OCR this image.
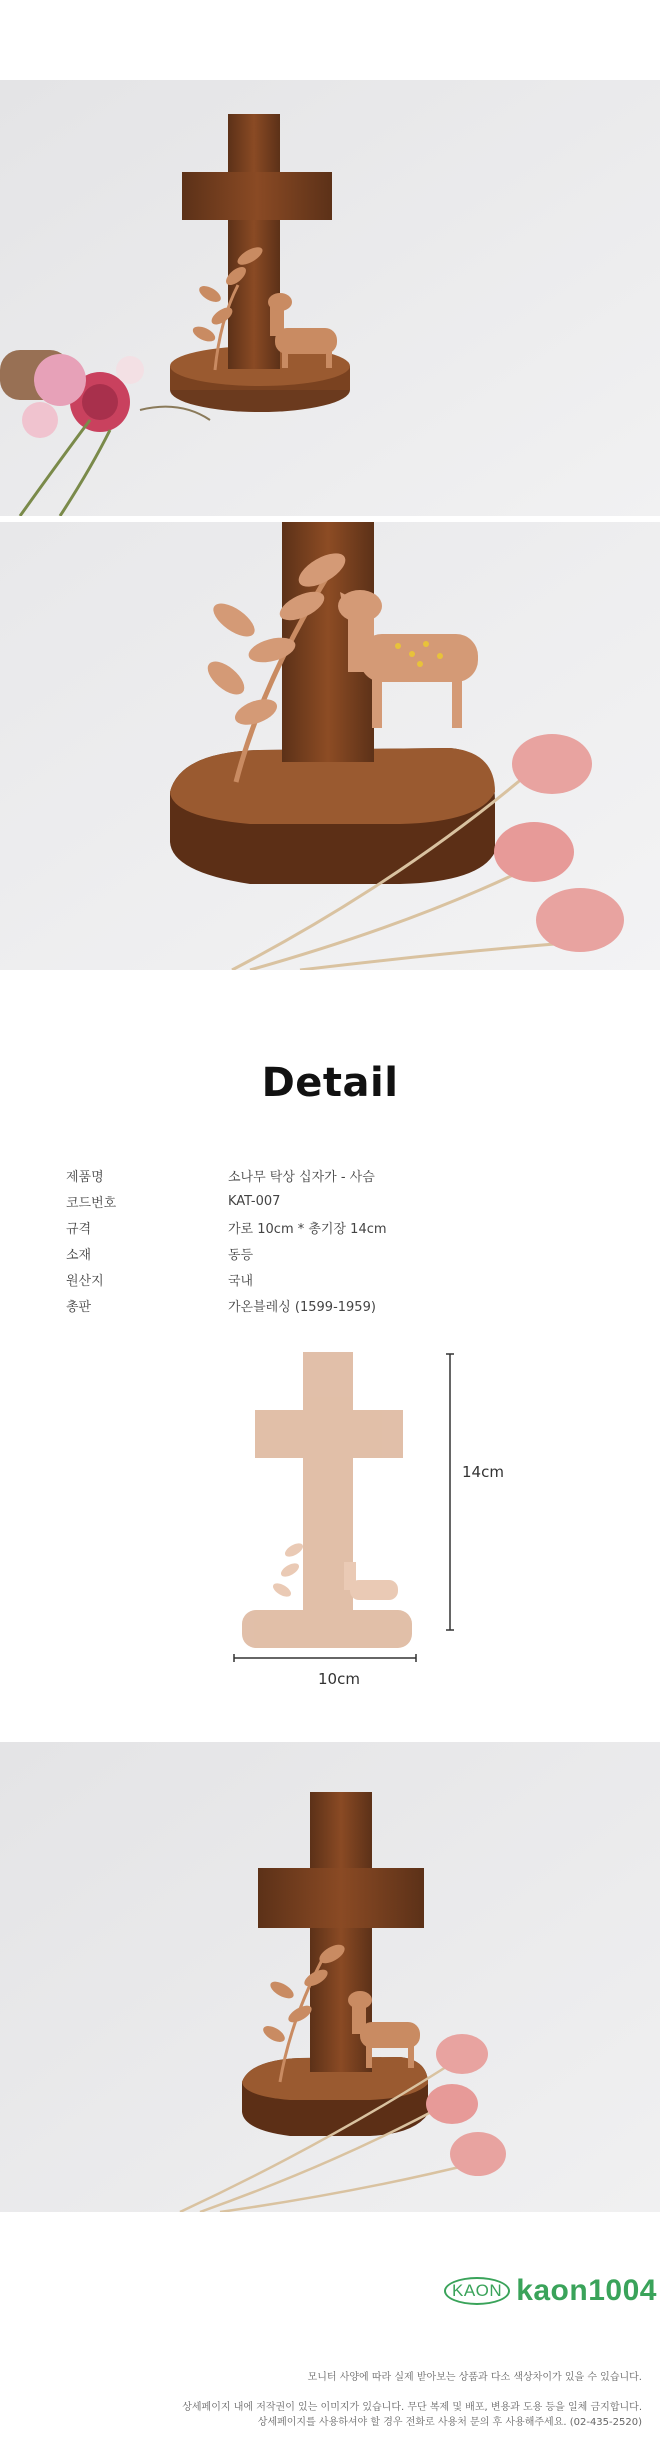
Detail
제품명	소나무 탁상 십자가 - 사슴
코드번호	KAT-007
규격	가로 10cm * 총기장 14cm
소재	동등
원산지	국내
총판	가온블레싱 (1599-1959)
14cm
10cm
KAON kaon1004
모니터 사양에 따라 실제 받아보는 상품과 다소 색상차이가 있을 수 있습니다.
상세페이지 내에 저작권이 있는 이미지가 있습니다. 무단 복제 및 배포, 변용과 도용 등을 일체 금지합니다.
상세페이지를 사용하셔야 할 경우 전화로 사용처 문의 후 사용해주세요. (02-435-2520)
